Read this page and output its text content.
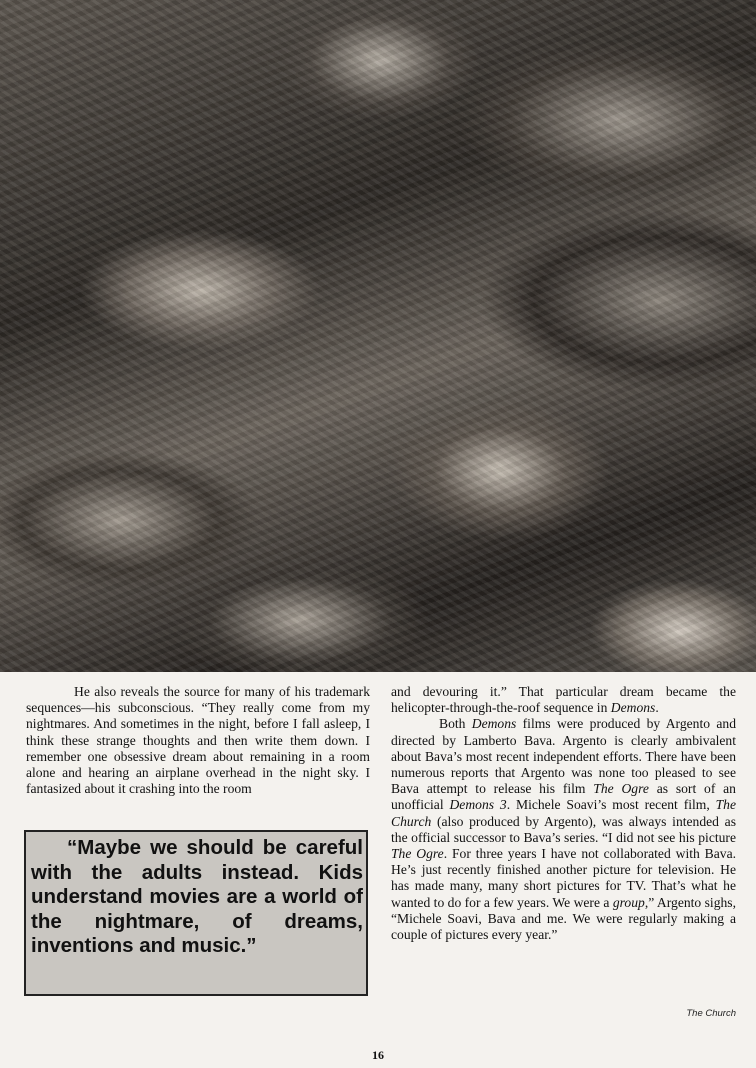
He also reveals the source for many of his trademark sequences—his subconscious. “They really come from my nightmares. And sometimes in the night, before I fall asleep, I think these strange thoughts and then write them down. I remember one obsessive dream about remaining in a room alone and hearing an airplane overhead in the night sky. I fantasized about it crashing into the room

and devouring it.” That particular dream became the helicopter-through-the-roof sequence in Demons.

Both Demons films were produced by Argento and directed by Lamberto Bava. Argento is clearly ambivalent about Bava’s most recent independent efforts. There have been numerous reports that Argento was none too pleased to see Bava attempt to release his film The Ogre as sort of an unofficial Demons 3. Michele Soavi’s most recent film, The Church (also produced by Argento), was always intended as the official successor to Bava’s series. “I did not see his picture The Ogre. For three years I have not collaborated with Bava. He’s just recently finished another picture for television. He has made many, many short pictures for TV. That’s what he wanted to do for a few years. We were a group,” Argento sighs, “Michele Soavi, Bava and me. We were regularly making a couple of pictures every year.”

“Maybe we should be careful with the adults instead. Kids understand movies are a world of the nightmare, of dreams, inventions and music.”
The Church
16
